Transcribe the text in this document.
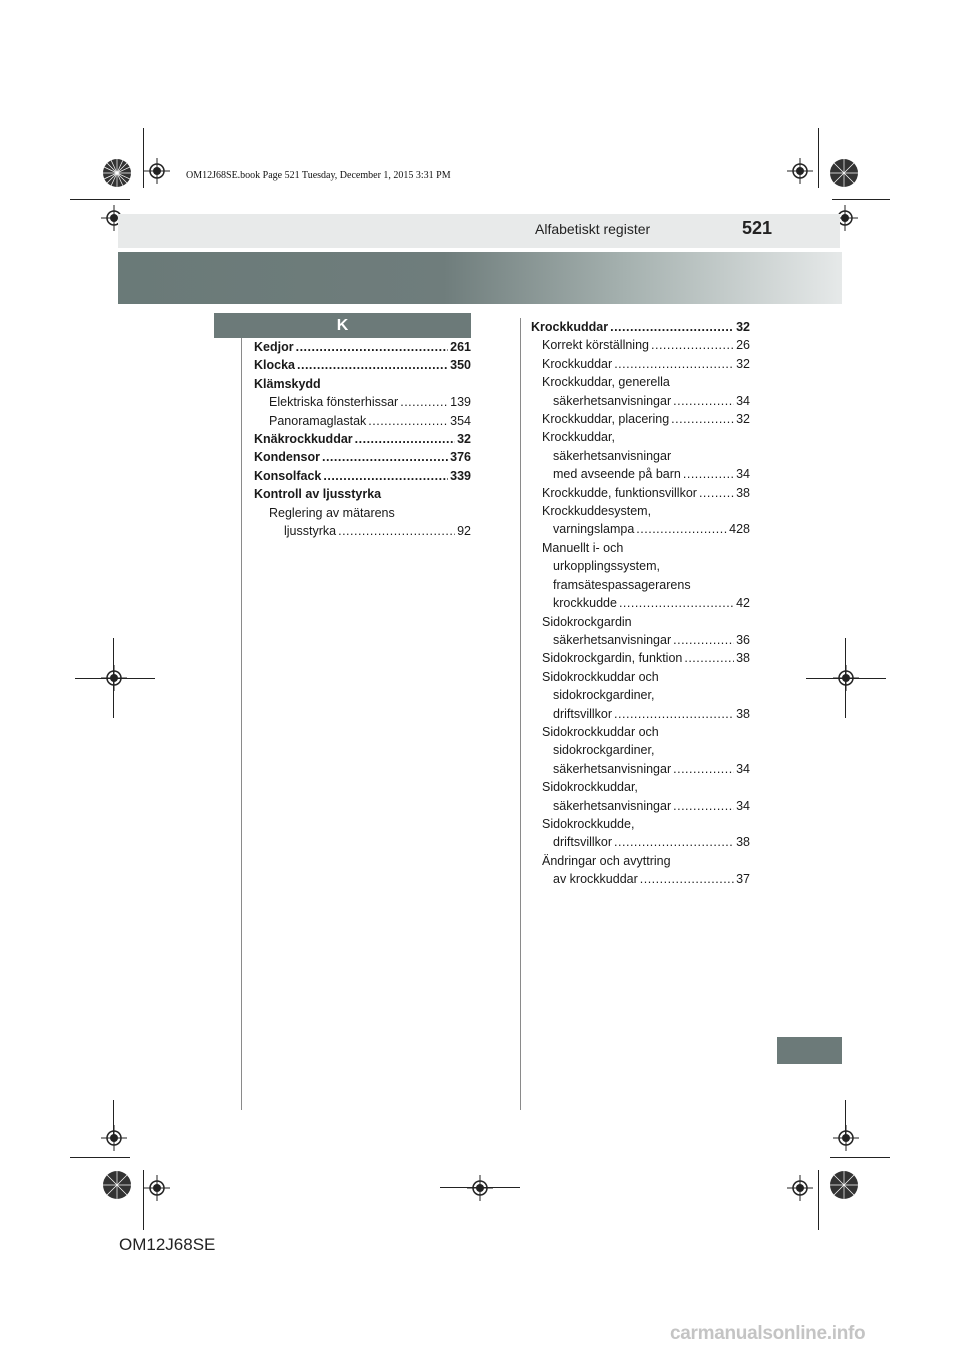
OM12J68SE.book Page 521 Tuesday, December 1, 2015 3:31 PM
Alfabetiskt register	521
K
Kedjor .....	261
Klocka .....	350
Klämskydd
Elektriska fönsterhissar .....	139
Panoramaglastak .....	354
Knäkrockkuddar .....	32
Kondensor .....	376
Konsolfack .....	339
Kontroll av ljusstyrka
Reglering av mätarens
ljusstyrka .....	92
Krockkuddar .....	32
Korrekt körställning .....	26
Krockkuddar .....	32
Krockkuddar, generella
säkerhetsanvisningar .....	34
Krockkuddar, placering .....	32
Krockkuddar,
säkerhetsanvisningar
med avseende på barn .....	34
Krockkudde, funktionsvillkor .....	38
Krockkuddesystem,
varningslampa .....	428
Manuellt i- och
urkopplingssystem,
framsätespassagerarens
krockkudde .....	42
Sidokrockgardin
säkerhetsanvisningar .....	36
Sidokrockgardin, funktion .....	38
Sidokrockkuddar och
sidokrockgardiner,
driftsvillkor .....	38
Sidokrockkuddar och
sidokrockgardiner,
säkerhetsanvisningar .....	34
Sidokrockkuddar,
säkerhetsanvisningar .....	34
Sidokrockkudde,
driftsvillkor .....	38
Ändringar och avyttring
av krockkuddar .....	37
OM12J68SE
carmanualsonline.info
